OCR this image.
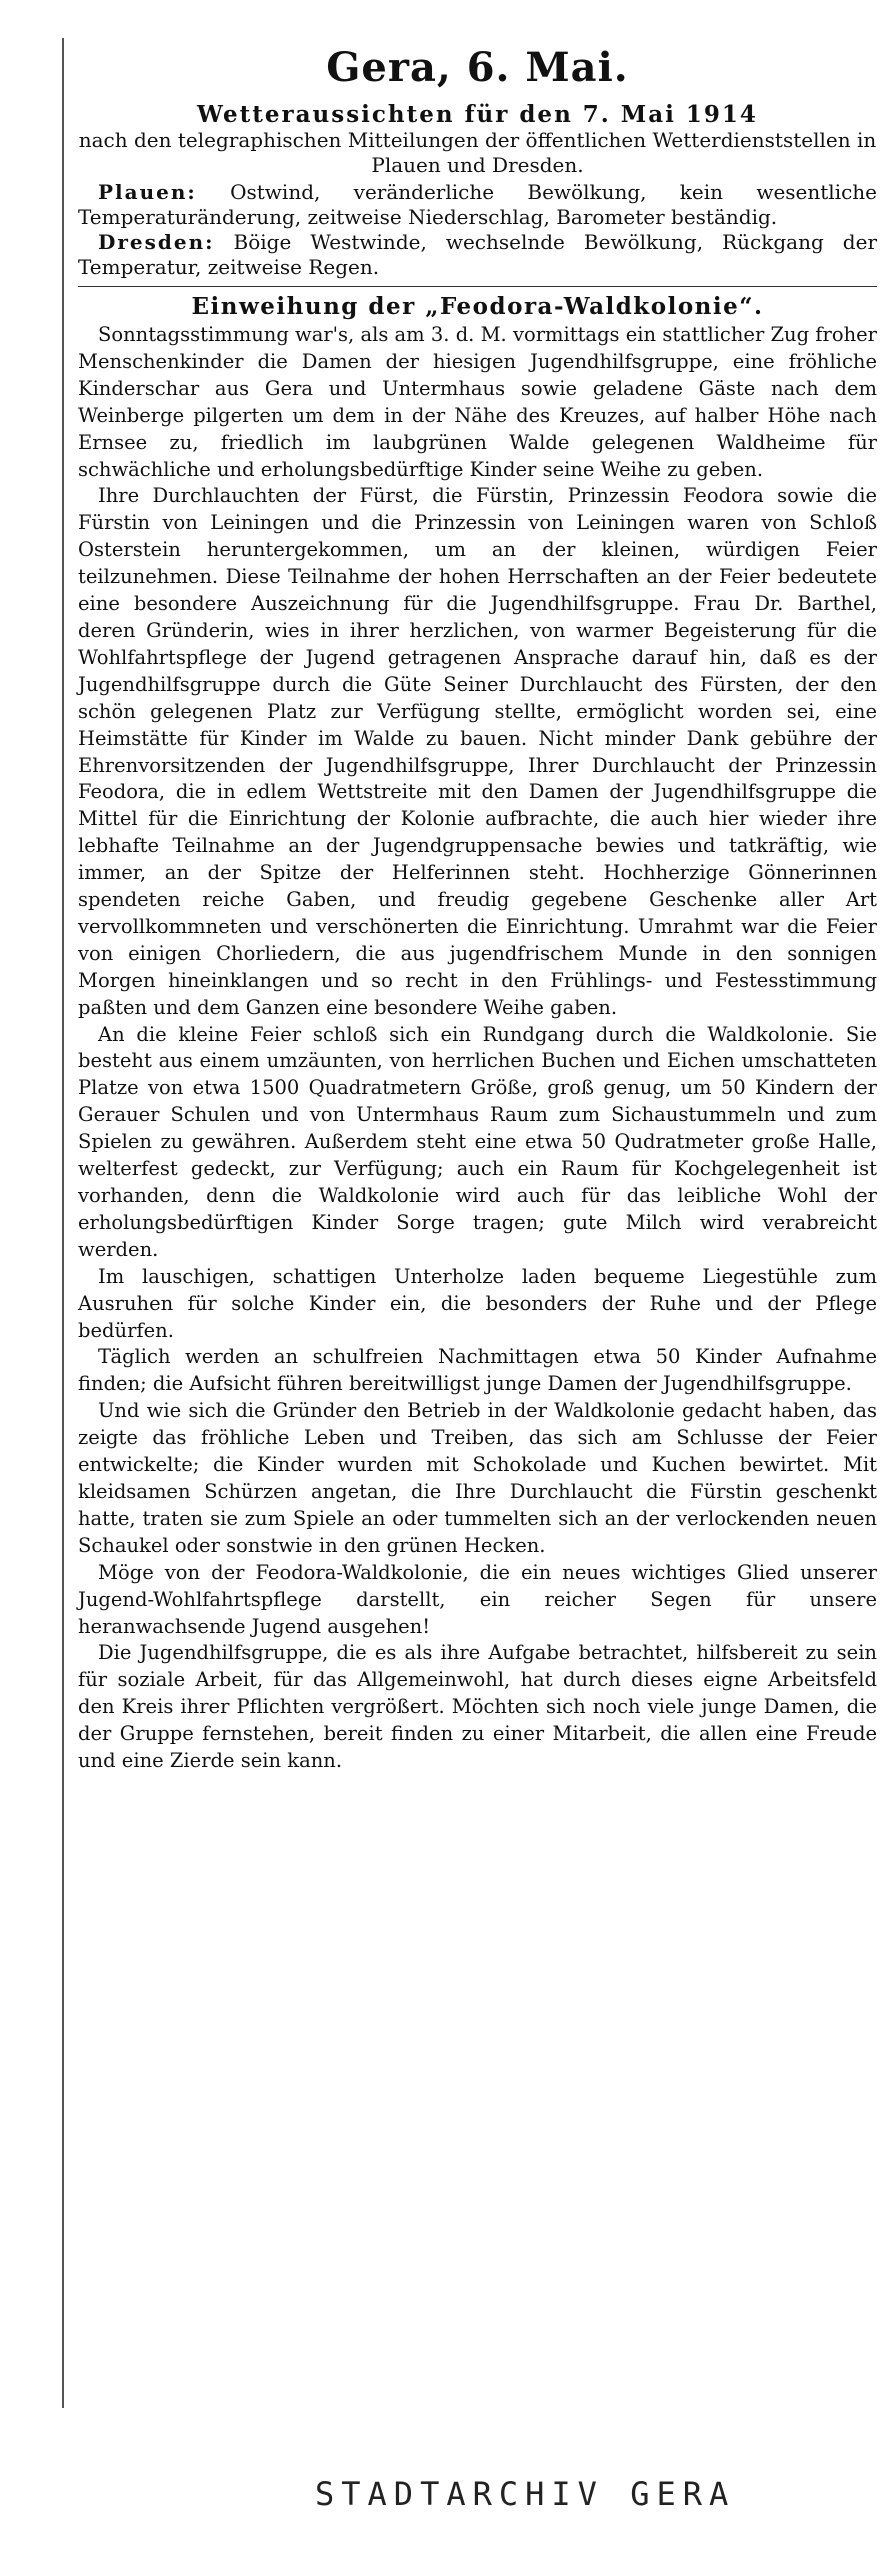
Gera, 6. Mai.
Wetteraussichten für den 7. Mai 1914
nach den telegraphischen Mitteilungen der öffentlichen Wetterdienststellen in Plauen und Dresden.

Plauen: Ostwind, veränderliche Bewölkung, kein wesentliche Temperaturänderung, zeitweise Niederschlag, Barometer beständig.

Dresden: Böige Westwinde, wechselnde Bewölkung, Rückgang der Temperatur, zeitweise Regen.

Einweihung der „Feodora-Waldkolonie“.

Sonntagsstimmung war's, als am 3. d. M. vormittags ein stattlicher Zug froher Menschenkinder die Damen der hiesigen Jugendhilfsgruppe, eine fröhliche Kinderschar aus Gera und Untermhaus sowie geladene Gäste nach dem Weinberge pilgerten um dem in der Nähe des Kreuzes, auf halber Höhe nach Ernsee zu, friedlich im laubgrünen Walde gelegenen Waldheime für schwächliche und erholungsbedürftige Kinder seine Weihe zu geben.

Ihre Durchlauchten der Fürst, die Fürstin, Prinzessin Feodora sowie die Fürstin von Leiningen und die Prinzessin von Leiningen waren von Schloß Osterstein heruntergekommen, um an der kleinen, würdigen Feier teilzunehmen. Diese Teilnahme der hohen Herrschaften an der Feier bedeutete eine besondere Auszeichnung für die Jugendhilfsgruppe. Frau Dr. Barthel, deren Gründerin, wies in ihrer herzlichen, von warmer Begeisterung für die Wohlfahrtspflege der Jugend getragenen Ansprache darauf hin, daß es der Jugendhilfsgruppe durch die Güte Seiner Durchlaucht des Fürsten, der den schön gelegenen Platz zur Verfügung stellte, ermöglicht worden sei, eine Heimstätte für Kinder im Walde zu bauen. Nicht minder Dank gebühre der Ehrenvorsitzenden der Jugendhilfsgruppe, Ihrer Durchlaucht der Prinzessin Feodora, die in edlem Wettstreite mit den Damen der Jugendhilfsgruppe die Mittel für die Einrichtung der Kolonie aufbrachte, die auch hier wieder ihre lebhafte Teilnahme an der Jugendgruppensache bewies und tatkräftig, wie immer, an der Spitze der Helferinnen steht. Hochherzige Gönnerinnen spendeten reiche Gaben, und freudig gegebene Geschenke aller Art vervollkommneten und verschönerten die Einrichtung. Umrahmt war die Feier von einigen Chorliedern, die aus jugendfrischem Munde in den sonnigen Morgen hineinklangen und so recht in den Frühlings- und Festesstimmung paßten und dem Ganzen eine besondere Weihe gaben.

An die kleine Feier schloß sich ein Rundgang durch die Waldkolonie. Sie besteht aus einem umzäunten, von herrlichen Buchen und Eichen umschatteten Platze von etwa 1500 Quadratmetern Größe, groß genug, um 50 Kindern der Gerauer Schulen und von Untermhaus Raum zum Sichaustummeln und zum Spielen zu gewähren. Außerdem steht eine etwa 50 Qudratmeter große Halle, welterfest gedeckt, zur Verfügung; auch ein Raum für Kochgelegenheit ist vorhanden, denn die Waldkolonie wird auch für das leibliche Wohl der erholungsbedürftigen Kinder Sorge tragen; gute Milch wird verabreicht werden.

Im lauschigen, schattigen Unterholze laden bequeme Liegestühle zum Ausruhen für solche Kinder ein, die besonders der Ruhe und der Pflege bedürfen.

Täglich werden an schulfreien Nachmittagen etwa 50 Kinder Aufnahme finden; die Aufsicht führen bereitwilligst junge Damen der Jugendhilfsgruppe.

Und wie sich die Gründer den Betrieb in der Waldkolonie gedacht haben, das zeigte das fröhliche Leben und Treiben, das sich am Schlusse der Feier entwickelte; die Kinder wurden mit Schokolade und Kuchen bewirtet. Mit kleidsamen Schürzen angetan, die Ihre Durchlaucht die Fürstin geschenkt hatte, traten sie zum Spiele an oder tummelten sich an der verlockenden neuen Schaukel oder sonstwie in den grünen Hecken.

Möge von der Feodora-Waldkolonie, die ein neues wichtiges Glied unserer Jugend-Wohlfahrtspflege darstellt, ein reicher Segen für unsere heranwachsende Jugend ausgehen!

Die Jugendhilfsgruppe, die es als ihre Aufgabe betrachtet, hilfsbereit zu sein für soziale Arbeit, für das Allgemeinwohl, hat durch dieses eigne Arbeitsfeld den Kreis ihrer Pflichten vergrößert. Möchten sich noch viele junge Damen, die der Gruppe fernstehen, bereit finden zu einer Mitarbeit, die allen eine Freude und eine Zierde sein kann.

STADTARCHIV GERA
